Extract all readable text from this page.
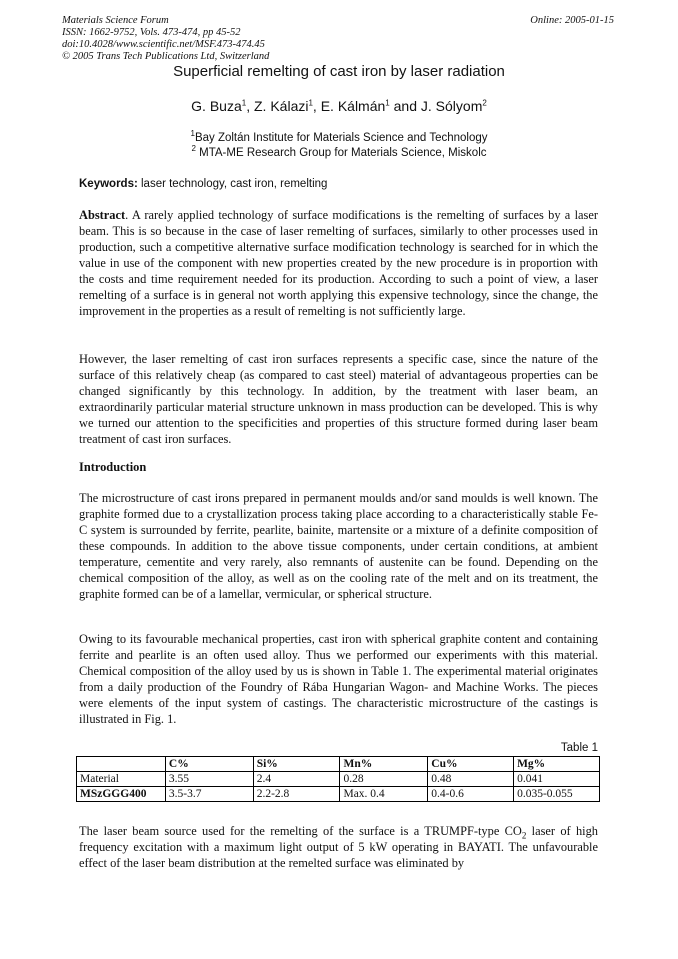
Materials Science Forum
ISSN: 1662-9752, Vols. 473-474, pp 45-52
doi:10.4028/www.scientific.net/MSF.473-474.45
© 2005 Trans Tech Publications Ltd, Switzerland
Online: 2005-01-15
Superficial remelting of cast iron by laser radiation
G. Buza$^1$, Z. Kálazi$^1$, E. Kálmán$^1$ and J. Sólyom$^2$
$^1$Bay Zoltán Institute for Materials Science and Technology
$^2$ MTA-ME Research Group for Materials Science, Miskolc
Keywords: laser technology, cast iron, remelting
Abstract. A rarely applied technology of surface modifications is the remelting of surfaces by a laser beam. This is so because in the case of laser remelting of surfaces, similarly to other processes used in production, such a competitive alternative surface modification technology is searched for in which the value in use of the component with new properties created by the new procedure is in proportion with the costs and time requirement needed for its production. According to such a point of view, a laser remelting of a surface is in general not worth applying this expensive technology, since the change, the improvement in the properties as a result of remelting is not sufficiently large.
However, the laser remelting of cast iron surfaces represents a specific case, since the nature of the surface of this relatively cheap (as compared to cast steel) material of advantageous properties can be changed significantly by this technology. In addition, by the treatment with laser beam, an extraordinarily particular material structure unknown in mass production can be developed. This is why we turned our attention to the specificities and properties of this structure formed during laser beam treatment of cast iron surfaces.
Introduction
The microstructure of cast irons prepared in permanent moulds and/or sand moulds is well known. The graphite formed due to a crystallization process taking place according to a characteristically stable Fe-C system is surrounded by ferrite, pearlite, bainite, martensite or a mixture of a definite composition of these compounds. In addition to the above tissue components, under certain conditions, at ambient temperature, cementite and very rarely, also remnants of austenite can be found. Depending on the chemical composition of the alloy, as well as on the cooling rate of the melt and on its treatment, the graphite formed can be of a lamellar, vermicular, or spherical structure.
Owing to its favourable mechanical properties, cast iron with spherical graphite content and containing ferrite and pearlite is an often used alloy. Thus we performed our experiments with this material. Chemical composition of the alloy used by us is shown in Table 1. The experimental material originates from a daily production of the Foundry of Rába Hungarian Wagon- and Machine Works. The pieces were elements of the input system of castings. The characteristic microstructure of the castings is illustrated in Fig. 1.
Table 1
	C%	Si%	Mn%	Cu%	Mg%
Material	3.55	2.4	0.28	0.48	0.041
MSzGGG400	3.5-3.7	2.2-2.8	Max. 0.4	0.4-0.6	0.035-0.055
The laser beam source used for the remelting of the surface is a TRUMPF-type $CO_2$ laser of high frequency excitation with a maximum light output of 5 kW operating in BAYATI. The unfavourable effect of the laser beam distribution at the remelted surface was eliminated by
